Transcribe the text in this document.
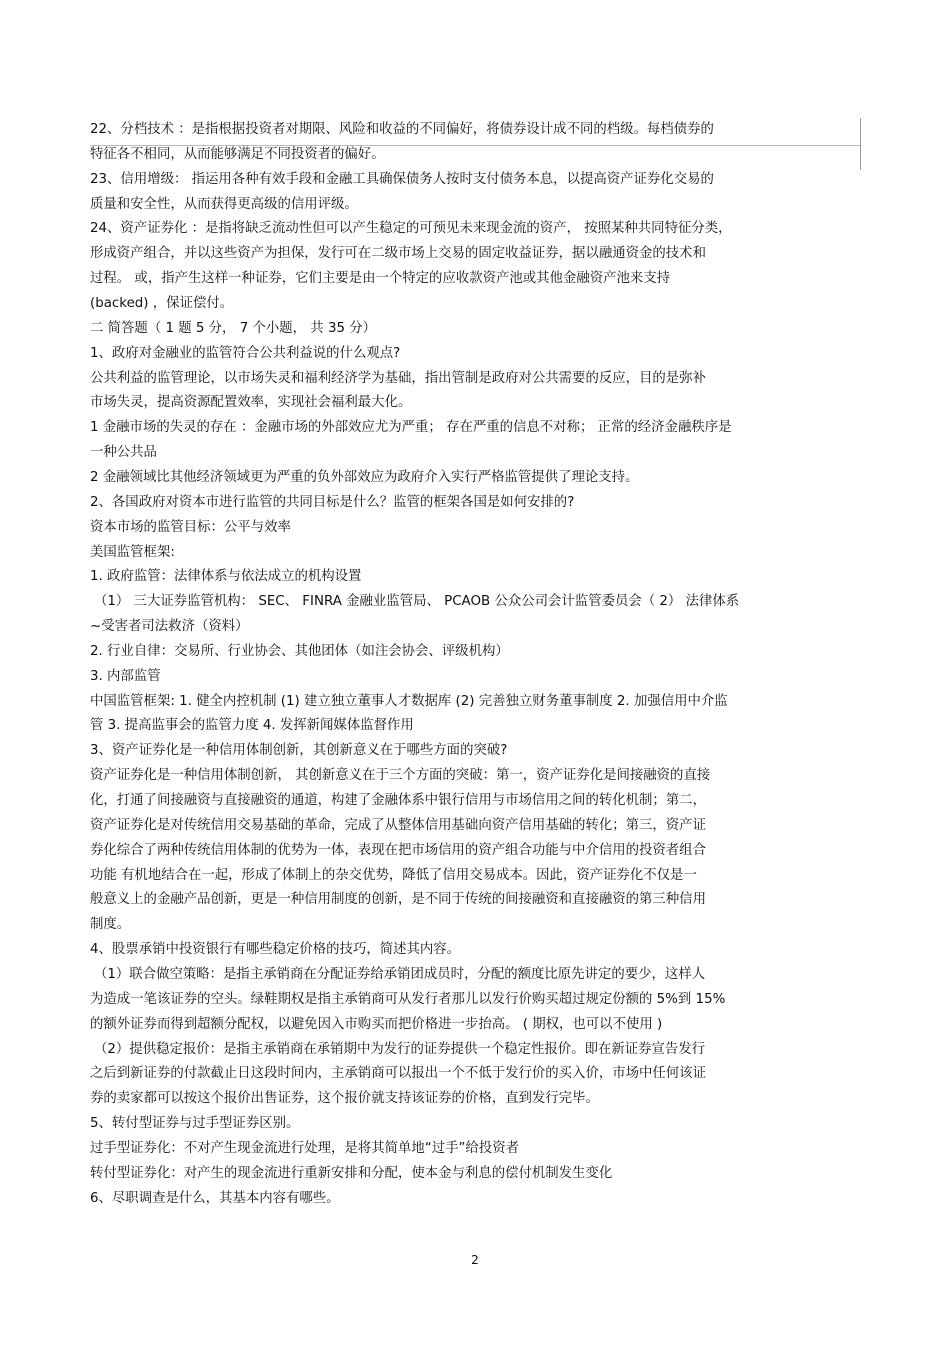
22、分档技术 ：是指根据投资者对期限、风险和收益的不同偏好，将债券设计成不同的档级。每档债券的
特征各不相同，从而能够满足不同投资者的偏好。
23、信用增级： 指运用各种有效手段和金融工具确保债务人按时支付债务本息，以提高资产证券化交易的
质量和安全性，从而获得更高级的信用评级。
24、资产证券化 ：是指将缺乏流动性但可以产生稳定的可预见未来现金流的资产， 按照某种共同特征分类，
形成资产组合，并以这些资产为担保，发行可在二级市场上交易的固定收益证券，据以融通资金的技术和
过程。 或，指产生这样一种证券，它们主要是由一个特定的应收款资产池或其他金融资产池来支持
(backed) ，保证偿付。
二 简答题（ 1 题 5 分， 7 个小题， 共 35 分）
1、政府对金融业的监管符合公共利益说的什么观点?
公共利益的监管理论，以市场失灵和福利经济学为基础，指出管制是政府对公共需要的反应，目的是弥补
市场失灵，提高资源配置效率，实现社会福利最大化。
1 金融市场的失灵的存在 ：金融市场的外部效应尤为严重； 存在严重的信息不对称； 正常的经济金融秩序是
一种公共品
2 金融领域比其他经济领域更为严重的负外部效应为政府介入实行严格监管提供了理论支持。
2、各国政府对资本市进行监管的共同目标是什么？监管的框架各国是如何安排的?
资本市场的监管目标：公平与效率
美国监管框架:
1. 政府监管：法律体系与依法成立的机构设置
（1） 三大证券监管机构： SEC、 FINRA 金融业监管局、 PCAOB 公众公司会计监管委员会（ 2） 法律体系
~受害者司法救济（资料）
2. 行业自律：交易所、行业协会、其他团体（如注会协会、评级机构）
3. 内部监管
中国监管框架: 1. 健全内控机制 (1) 建立独立董事人才数据库 (2) 完善独立财务董事制度 2. 加强信用中介监
管 3. 提高监事会的监管力度 4. 发挥新闻媒体监督作用
3、资产证券化是一种信用体制创新，其创新意义在于哪些方面的突破?
资产证券化是一种信用体制创新， 其创新意义在于三个方面的突破：第一，资产证券化是间接融资的直接
化，打通了间接融资与直接融资的通道，构建了金融体系中银行信用与市场信用之间的转化机制；第二，
资产证券化是对传统信用交易基础的革命，完成了从整体信用基础向资产信用基础的转化；第三，资产证
券化综合了两种传统信用体制的优势为一体，表现在把市场信用的资产组合功能与中介信用的投资者组合
功能 有机地结合在一起，形成了体制上的杂交优势，降低了信用交易成本。因此，资产证券化不仅是一
般意义上的金融产品创新，更是一种信用制度的创新，是不同于传统的间接融资和直接融资的第三种信用
制度。
4、股票承销中投资银行有哪些稳定价格的技巧，简述其内容。
（1）联合做空策略：是指主承销商在分配证券给承销团成员时，分配的额度比原先讲定的要少，这样人
为造成一笔该证券的空头。绿鞋期权是指主承销商可从发行者那儿以发行价购买超过规定份额的 5%到 15%
的额外证券而得到超额分配权，以避免因入市购买而把价格进一步抬高。 ( 期权，也可以不使用 )
（2）提供稳定报价：是指主承销商在承销期中为发行的证券提供一个稳定性报价。即在新证券宣告发行
之后到新证券的付款截止日这段时间内，主承销商可以报出一个不低于发行价的买入价，市场中任何该证
券的卖家都可以按这个报价出售证券，这个报价就支持该证券的价格，直到发行完毕。
5、转付型证券与过手型证券区别。
过手型证券化：不对产生现金流进行处理，是将其简单地“过手”给投资者
转付型证券化：对产生的现金流进行重新安排和分配，使本金与利息的偿付机制发生变化
6、尽职调查是什么，其基本内容有哪些。
2
